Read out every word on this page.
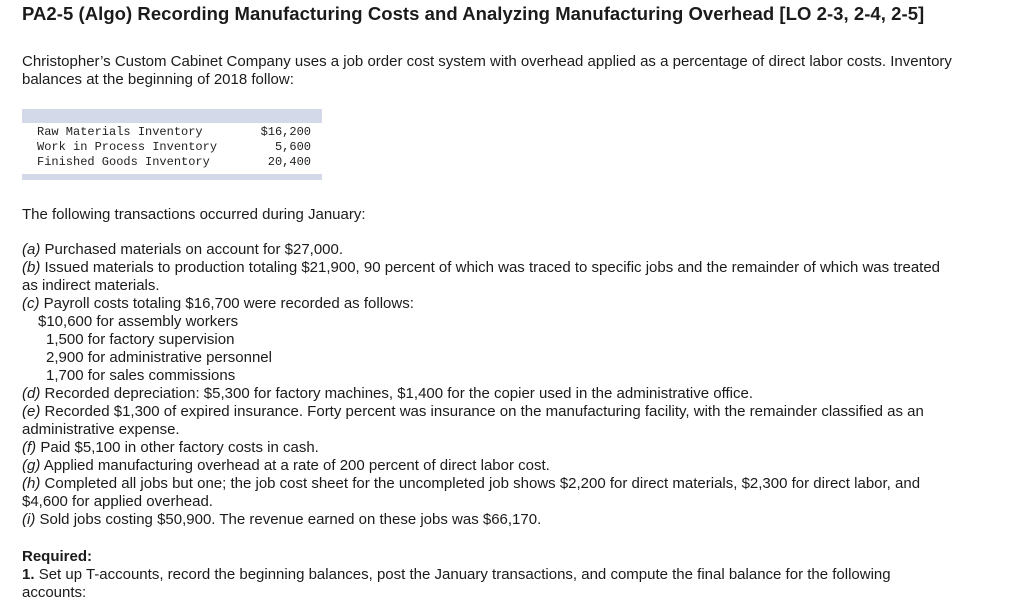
PA2-5 (Algo) Recording Manufacturing Costs and Analyzing Manufacturing Overhead [LO 2-3, 2-4, 2-5]
Christopher’s Custom Cabinet Company uses a job order cost system with overhead applied as a percentage of direct labor costs. Inventory balances at the beginning of 2018 follow:
Raw Materials Inventory	$16,200
Work in Process Inventory	5,600
Finished Goods Inventory	20,400
The following transactions occurred during January:

(a) Purchased materials on account for $27,000.

(b) Issued materials to production totaling $21,900, 90 percent of which was traced to specific jobs and the remainder of which was treated as indirect materials.

(c) Payroll costs totaling $16,700 were recorded as follows:

$10,600 for assembly workers

1,500 for factory supervision

2,900 for administrative personnel

1,700 for sales commissions

(d) Recorded depreciation: $5,300 for factory machines, $1,400 for the copier used in the administrative office.

(e) Recorded $1,300 of expired insurance. Forty percent was insurance on the manufacturing facility, with the remainder classified as an administrative expense.

(f) Paid $5,100 in other factory costs in cash.

(g) Applied manufacturing overhead at a rate of 200 percent of direct labor cost.

(h) Completed all jobs but one; the job cost sheet for the uncompleted job shows $2,200 for direct materials, $2,300 for direct labor, and $4,600 for applied overhead.

(i) Sold jobs costing $50,900. The revenue earned on these jobs was $66,170.

Required:
1. Set up T-accounts, record the beginning balances, post the January transactions, and compute the final balance for the following accounts:
